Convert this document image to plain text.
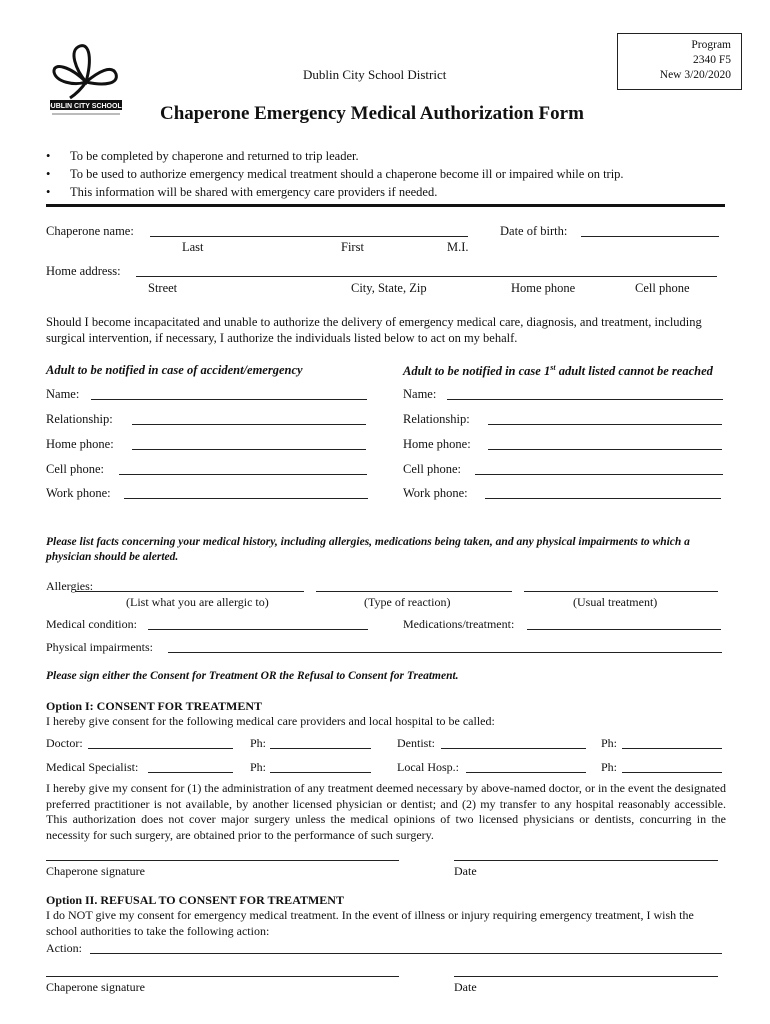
DUBLIN CITY SCHOOLS
Dublin City School District
Program
2340 F5
New 3/20/2020
Chaperone Emergency Medical Authorization Form
• To be completed by chaperone and returned to trip leader.
• To be used to authorize emergency medical treatment should a chaperone become ill or impaired while on trip.
• This information will be shared with emergency care providers if needed.
Chaperone name:	Date of birth:
Last	First	M.I.
Home address:
Street	City, State, Zip	Home phone	Cell phone
Should I become incapacitated and unable to authorize the delivery of emergency medical care, diagnosis, and treatment, including surgical intervention, if necessary, I authorize the individuals listed below to act on my behalf.
Adult to be notified in case of accident/emergency	Adult to be notified in case 1st adult listed cannot be reached
Name:	Name:
Relationship:	Relationship:
Home phone:	Home phone:
Cell phone:	Cell phone:
Work phone:	Work phone:
Please list facts concerning your medical history, including allergies, medications being taken, and any physical impairments to which a physician should be alerted.
Allergies:
(List what you are allergic to)	(Type of reaction)	(Usual treatment)
Medical condition:	Medications/treatment:
Physical impairments:
Please sign either the Consent for Treatment OR the Refusal to Consent for Treatment.
Option I: CONSENT FOR TREATMENT
I hereby give consent for the following medical care providers and local hospital to be called:
Doctor:	Ph:	Dentist:	Ph:
Medical Specialist:	Ph:	Local Hosp.:	Ph:
I hereby give my consent for (1) the administration of any treatment deemed necessary by above-named doctor, or in the event the designated preferred practitioner is not available, by another licensed physician or dentist; and (2) my transfer to any hospital reasonably accessible. This authorization does not cover major surgery unless the medical opinions of two licensed physicians or dentists, concurring in the necessity for such surgery, are obtained prior to the performance of such surgery.
Chaperone signature	Date
Option II. REFUSAL TO CONSENT FOR TREATMENT
I do NOT give my consent for emergency medical treatment. In the event of illness or injury requiring emergency treatment, I wish the school authorities to take the following action:
Action:
Chaperone signature	Date
